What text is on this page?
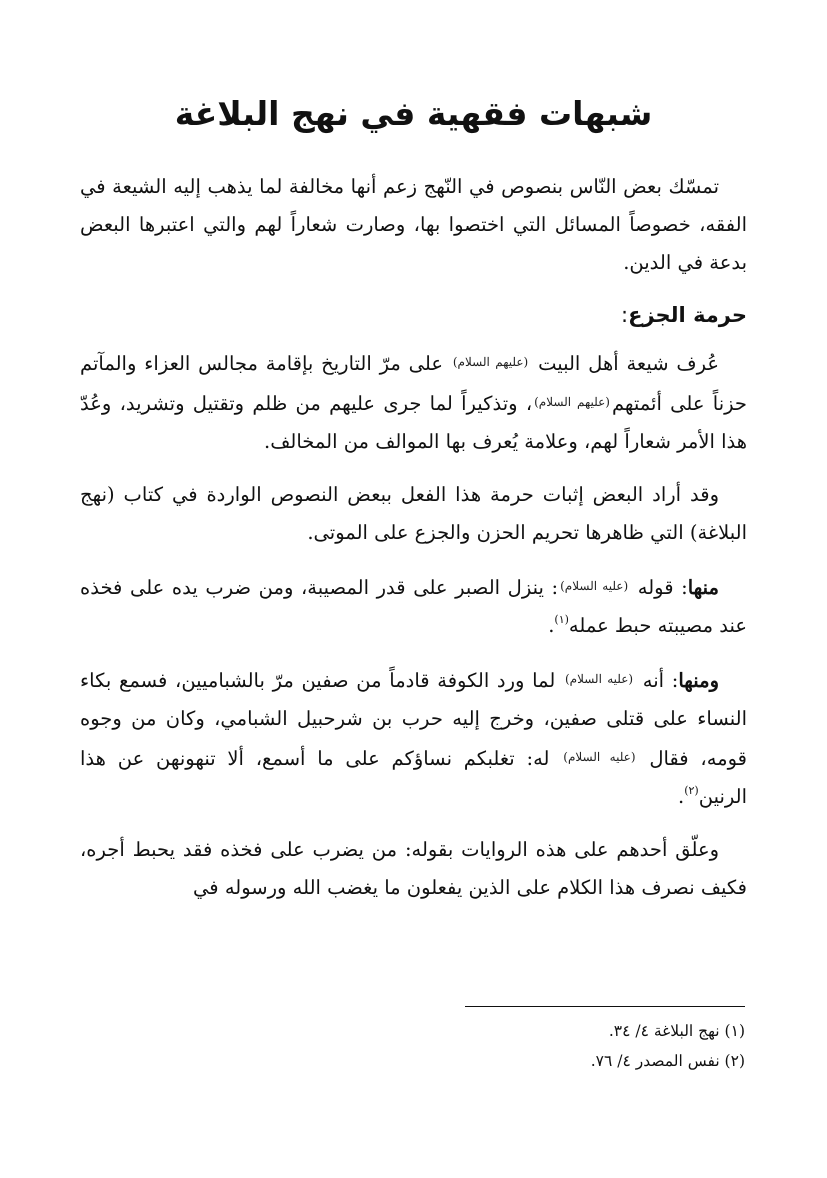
شبهات فقهية في نهج البلاغة

تمسّك بعض النّاس بنصوص في النّهج زعم أنها مخالفة لما يذهب إليه الشيعة في الفقه، خصوصاً المسائل التي اختصوا بها، وصارت شعاراً لهم والتي اعتبرها البعض بدعة في الدين.

حرمة الجزع:

عُرف شيعة أهل البيت $^{(عليهم السلام)}$ على مرّ التاريخ بإقامة مجالس العزاء والمآتم حزناً على أئمتهم$^{(عليهم السلام)}$، وتذكيراً لما جرى عليهم من ظلم وتقتيل وتشريد، وعُدّ هذا الأمر شعاراً لهم، وعلامة يُعرف بها الموالف من المخالف.

وقد أراد البعض إثبات حرمة هذا الفعل ببعض النصوص الواردة في كتاب (نهج البلاغة) التي ظاهرها تحريم الحزن والجزع على الموتى.

منها: قوله $^{(عليه السلام)}$: ينزل الصبر على قدر المصيبة، ومن ضرب يده على فخذه عند مصيبته حبط عمله$^{(١)}$.

ومنها: أنه $^{(عليه السلام)}$ لما ورد الكوفة قادماً من صفين مرّ بالشباميين، فسمع بكاء النساء على قتلى صفين، وخرج إليه حرب بن شرحبيل الشبامي، وكان من وجوه قومه، فقال $^{(عليه السلام)}$ له: تغلبكم نساؤكم على ما أسمع، ألا تنهونهن عن هذا الرنين$^{(٢)}$.

وعلّق أحدهم على هذه الروايات بقوله: من يضرب على فخذه فقد يحبط أجره، فكيف نصرف هذا الكلام على الذين يفعلون ما يغضب الله ورسوله في

(١) نهج البلاغة ٤/ ٣٤.
(٢) نفس المصدر ٤/ ٧٦.
